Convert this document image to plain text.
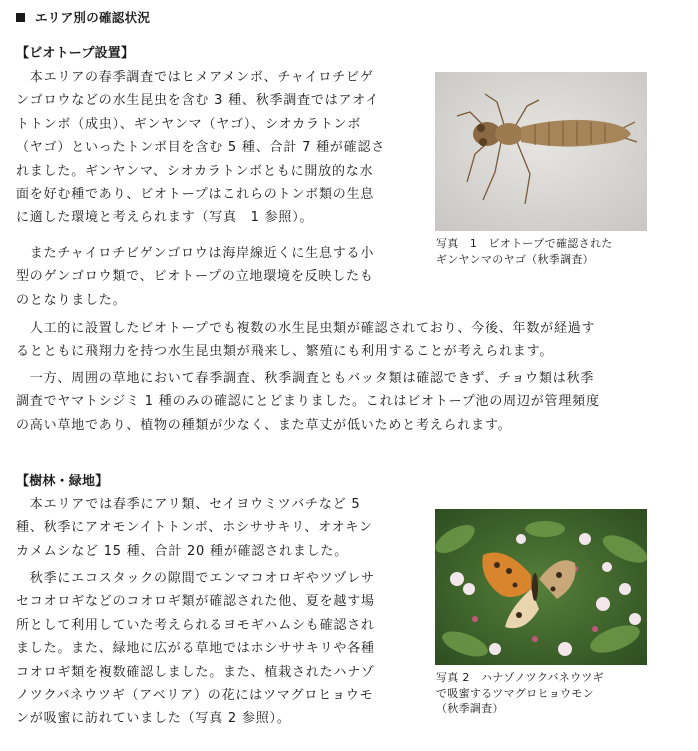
エリア別の確認状況
【ビオトープ設置】
　本エリアの春季調査ではヒメアメンボ、チャイロチビゲ
ンゴロウなどの水生昆虫を含む 3 種、秋季調査ではアオイ
トトンボ（成虫）、ギンヤンマ（ヤゴ）、シオカラトンボ
（ヤゴ）といったトンボ目を含む 5 種、合計 7 種が確認さ
れました。ギンヤンマ、シオカラトンボともに開放的な水
面を好む種であり、ビオトープはこれらのトンボ類の生息
に適した環境と考えられます（写真　1 参照）。
　またチャイロチビゲンゴロウは海岸線近くに生息する小
型のゲンゴロウ類で、ビオトープの立地環境を反映したも
のとなりました。
　人工的に設置したビオトープでも複数の水生昆虫類が確認されており、今後、年数が経過す
るとともに飛翔力を持つ水生昆虫類が飛来し、繁殖にも利用することが考えられます。
　一方、周囲の草地において春季調査、秋季調査ともバッタ類は確認できず、チョウ類は秋季
調査でヤマトシジミ 1 種のみの確認にとどまりました。これはビオトープ池の周辺が管理頻度
の高い草地であり、植物の種類が少なく、また草丈が低いためと考えられます。
写真　1　ビオトープで確認された
ギンヤンマのヤゴ（秋季調査）
【樹林・緑地】
　本エリアでは春季にアリ類、セイヨウミツバチなど 5
種、秋季にアオモンイトトンボ、ホシササキリ、オオキン
カメムシなど 15 種、合計 20 種が確認されました。
　秋季にエコスタックの隙間でエンマコオロギやツヅレサ
セコオロギなどのコオロギ類が確認された他、夏を越す場
所として利用していた考えられるヨモギハムシも確認され
ました。また、緑地に広がる草地ではホシササキリや各種
コオロギ類を複数確認しました。また、植栽されたハナゾ
ノツクバネウツギ（アベリア）の花にはツマグロヒョウモ
ンが吸蜜に訪れていました（写真 2 参照）。
写真 2　ハナゾノツクバネウツギ
で吸蜜するツマグロヒョウモン
（秋季調査）
